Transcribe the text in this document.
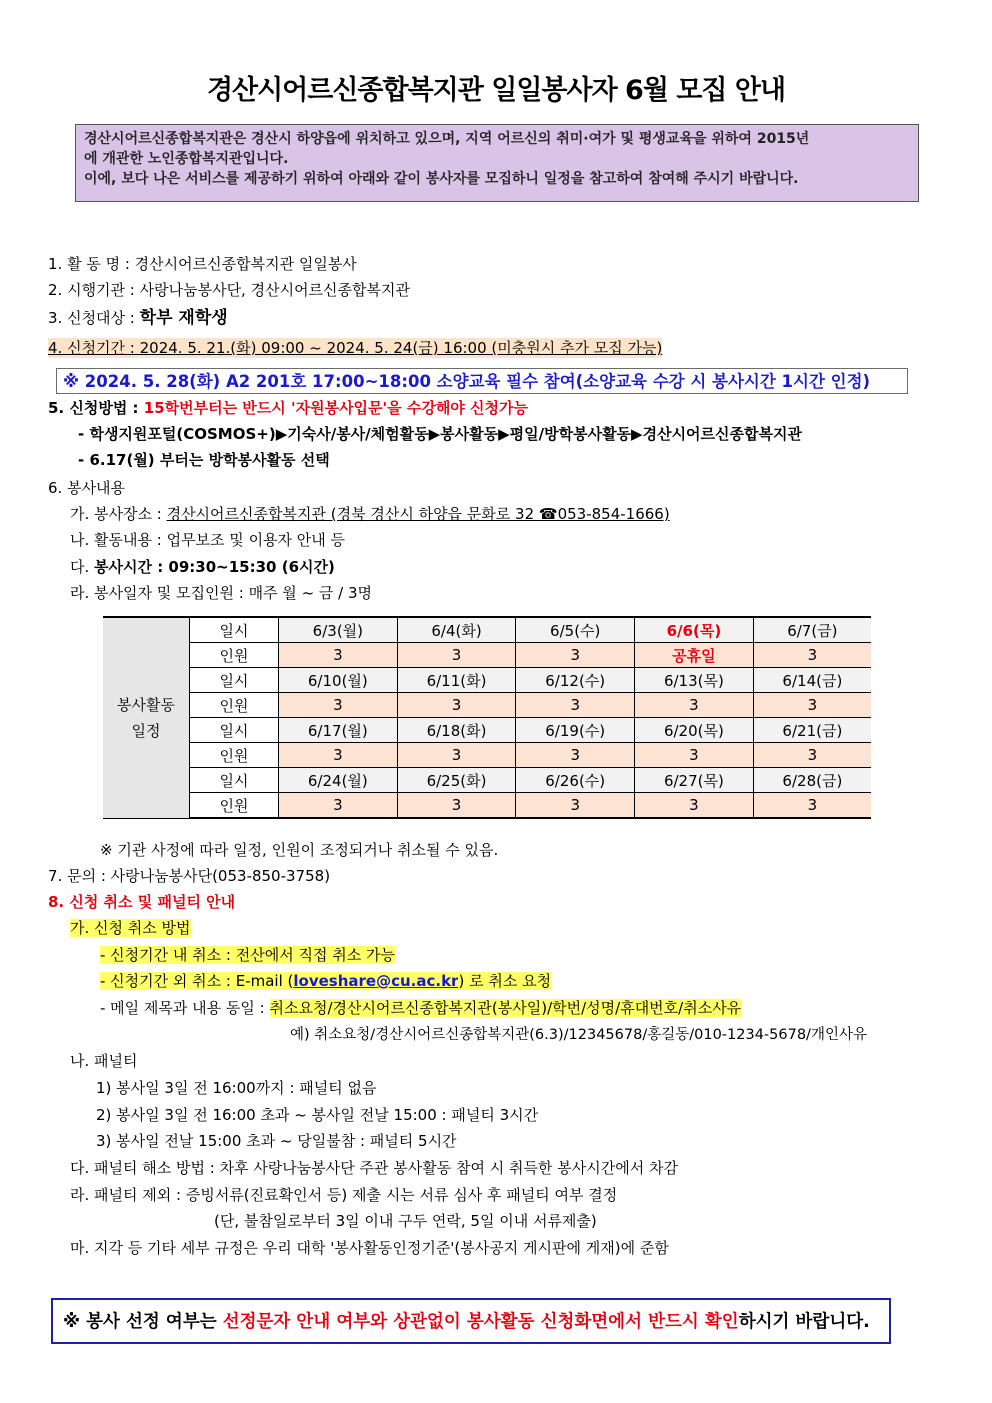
경산시어르신종합복지관 일일봉사자 6월 모집 안내
경산시어르신종합복지관은 경산시 하양읍에 위치하고 있으며, 지역 어르신의 취미·여가 및 평생교육을 위하여 2015년
에 개관한 노인종합복지관입니다.
이에, 보다 나은 서비스를 제공하기 위하여 아래와 같이 봉사자를 모집하니 일정을 참고하여 참여해 주시기 바랍니다.
1. 활 동 명 : 경산시어르신종합복지관 일일봉사
2. 시행기관 : 사랑나눔봉사단, 경산시어르신종합복지관
3. 신청대상 : 학부 재학생
4. 신청기간 : 2024. 5. 21.(화) 09:00 ~ 2024. 5. 24(금) 16:00 (미충원시 추가 모집 가능)
※ 2024. 5. 28(화) A2 201호 17:00~18:00 소양교육 필수 참여(소양교육 수강 시 봉사시간 1시간 인정)
5. 신청방법 : 15학번부터는 반드시 '자원봉사입문'을 수강해야 신청가능
- 학생지원포털(COSMOS+)▶기숙사/봉사/체험활동▶봉사활동▶평일/방학봉사활동▶경산시어르신종합복지관
- 6.17(월) 부터는 방학봉사활동 선택
6. 봉사내용
가. 봉사장소 : 경산시어르신종합복지관 (경북 경산시 하양읍 문화로 32 ☎053-854-1666)
나. 활동내용 : 업무보조 및 이용자 안내 등
다. 봉사시간 : 09:30~15:30 (6시간)
라. 봉사일자 및 모집인원 : 매주 월 ~ 금 / 3명
봉사활동
일정	일시	6/3(월)	6/4(화)	6/5(수)	6/6(목)	6/7(금)
	인원	3	3	3	공휴일	3
	일시	6/10(월)	6/11(화)	6/12(수)	6/13(목)	6/14(금)
	인원	3	3	3	3	3
	일시	6/17(월)	6/18(화)	6/19(수)	6/20(목)	6/21(금)
	인원	3	3	3	3	3
	일시	6/24(월)	6/25(화)	6/26(수)	6/27(목)	6/28(금)
	인원	3	3	3	3	3
※ 기관 사정에 따라 일정, 인원이 조정되거나 취소될 수 있음.
7. 문의 : 사랑나눔봉사단(053-850-3758)
8. 신청 취소 및 패널티 안내
가. 신청 취소 방법
- 신청기간 내 취소 : 전산에서 직접 취소 가능
- 신청기간 외 취소 : E-mail (loveshare@cu.ac.kr) 로 취소 요청
- 메일 제목과 내용 동일 : 취소요청/경산시어르신종합복지관(봉사일)/학번/성명/휴대번호/취소사유
예) 취소요청/경산시어르신종합복지관(6.3)/12345678/홍길동/010-1234-5678/개인사유
나. 패널티
1) 봉사일 3일 전 16:00까지 : 패널티 없음
2) 봉사일 3일 전 16:00 초과 ~ 봉사일 전날 15:00 : 패널티 3시간
3) 봉사일 전날 15:00 초과 ~ 당일불참 : 패널티 5시간
다. 패널티 해소 방법 : 차후 사랑나눔봉사단 주관 봉사활동 참여 시 취득한 봉사시간에서 차감
라. 패널티 제외 : 증빙서류(진료확인서 등) 제출 시는 서류 심사 후 패널티 여부 결정
(단, 불참일로부터 3일 이내 구두 연락, 5일 이내 서류제출)
마. 지각 등 기타 세부 규정은 우리 대학 '봉사활동인정기준'(봉사공지 게시판에 게재)에 준함
※ 봉사 선정 여부는 선정문자 안내 여부와 상관없이 봉사활동 신청화면에서 반드시 확인하시기 바랍니다.
